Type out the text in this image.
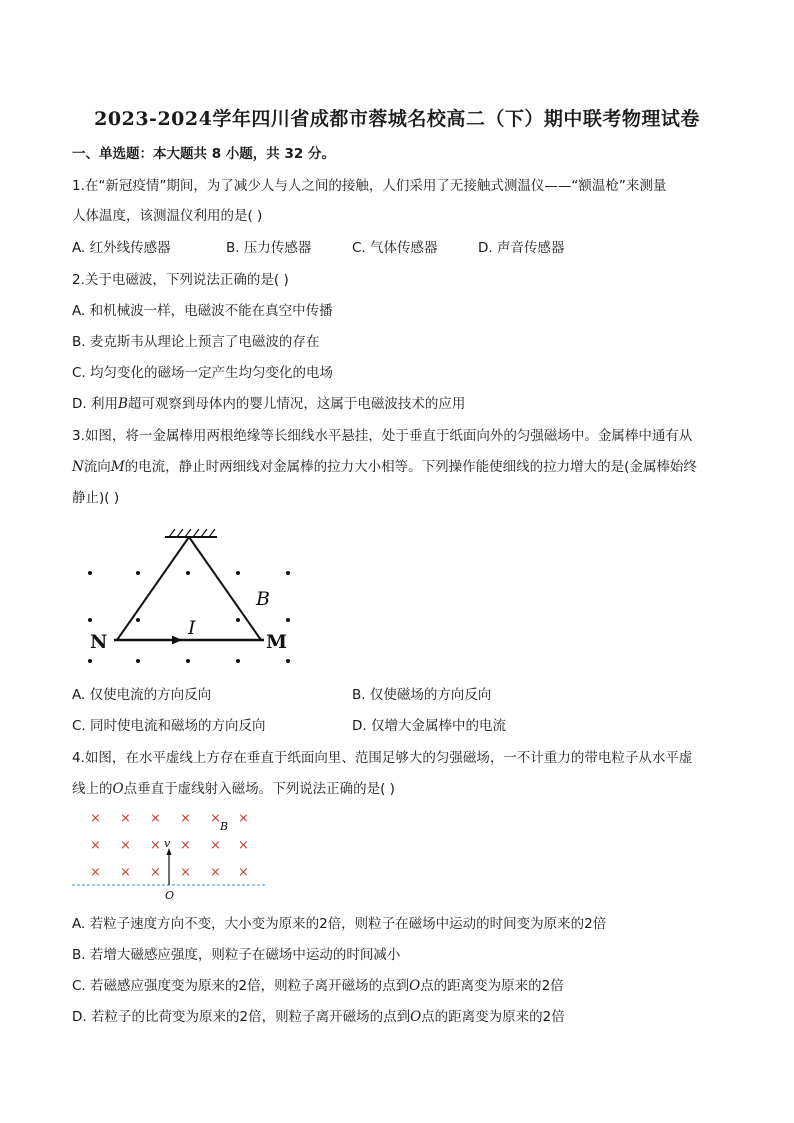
2023-2024学年四川省成都市蓉城名校高二（下）期中联考物理试卷
一、单选题：本大题共 8 小题，共 32 分。
1.在“新冠疫情”期间，为了减少人与人之间的接触，人们采用了无接触式测温仪——“额温枪”来测量
人体温度，该测温仪利用的是( )
A. 红外线传感器	B. 压力传感器	C. 气体传感器	D. 声音传感器
2.关于电磁波，下列说法正确的是( )
A. 和机械波一样，电磁波不能在真空中传播
B. 麦克斯韦从理论上预言了电磁波的存在
C. 均匀变化的磁场一定产生均匀变化的电场
D. 利用B超可观察到母体内的婴儿情况，这属于电磁波技术的应用
3.如图，将一金属棒用两根绝缘等长细线水平悬挂，处于垂直于纸面向外的匀强磁场中。金属棒中通有从
N流向M的电流，静止时两细线对金属棒的拉力大小相等。下列操作能使细线的拉力增大的是(金属棒始终
静止)( )
N	M
I
B
A. 仅使电流的方向反向	B. 仅使磁场的方向反向
C. 同时使电流和磁场的方向反向	D. 仅增大金属棒中的电流
4.如图，在水平虚线上方存在垂直于纸面向里、范围足够大的匀强磁场，一不计重力的带电粒子从水平虚
线上的O点垂直于虚线射入磁场。下列说法正确的是( )
× × × × × ×
× × × × × ×
× × × × × ×
v
B
O
A. 若粒子速度方向不变，大小变为原来的2倍，则粒子在磁场中运动的时间变为原来的2倍
B. 若增大磁感应强度，则粒子在磁场中运动的时间减小
C. 若磁感应强度变为原来的2倍，则粒子离开磁场的点到O点的距离变为原来的2倍
D. 若粒子的比荷变为原来的2倍，则粒子离开磁场的点到O点的距离变为原来的2倍
